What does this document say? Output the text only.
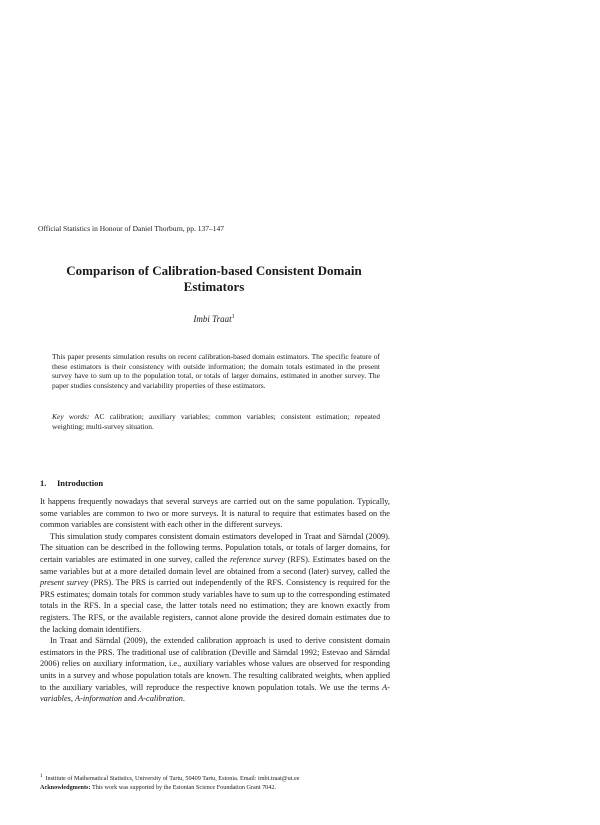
Official Statistics in Honour of Daniel Thorburn, pp. 137–147
Comparison of Calibration-based Consistent Domain Estimators
Imbi Traat$^1$
This paper presents simulation results on recent calibration-based domain estimators. The specific feature of these estimators is their consistency with outside information; the domain totals estimated in the present survey have to sum up to the population total, or totals of larger domains, estimated in another survey. The paper studies consistency and variability properties of these estimators.
Key words: AC calibration; auxiliary variables; common variables; consistent estimation; repeated weighting; multi-survey situation.
1. Introduction

It happens frequently nowadays that several surveys are carried out on the same population. Typically, some variables are common to two or more surveys. It is natural to require that estimates based on the common variables are consistent with each other in the different surveys.

This simulation study compares consistent domain estimators developed in Traat and Särndal (2009). The situation can be described in the following terms. Population totals, or totals of larger domains, for certain variables are estimated in one survey, called the reference survey (RFS). Estimates based on the same variables but at a more detailed domain level are obtained from a second (later) survey, called the present survey (PRS). The PRS is carried out independently of the RFS. Consistency is required for the PRS estimates; domain totals for common study variables have to sum up to the corresponding estimated totals in the RFS. In a special case, the latter totals need no estimation; they are known exactly from registers. The RFS, or the available registers, cannot alone provide the desired domain estimates due to the lacking domain identifiers.

In Traat and Särndal (2009), the extended calibration approach is used to derive consistent domain estimators in the PRS. The traditional use of calibration (Deville and Särndal 1992; Estevao and Särndal 2006) relies on auxiliary information, i.e., auxiliary variables whose values are observed for responding units in a survey and whose population totals are known. The resulting calibrated weights, when applied to the auxiliary variables, will reproduce the respective known population totals. We use the terms A-variables, A-information and A-calibration.

$^1$ Institute of Mathematical Statistics, University of Tartu, 50409 Tartu, Estonia. Email: imbi.traat@ut.ee
Acknowledgments: This work was supported by the Estonian Science Foundation Grant 7042.
